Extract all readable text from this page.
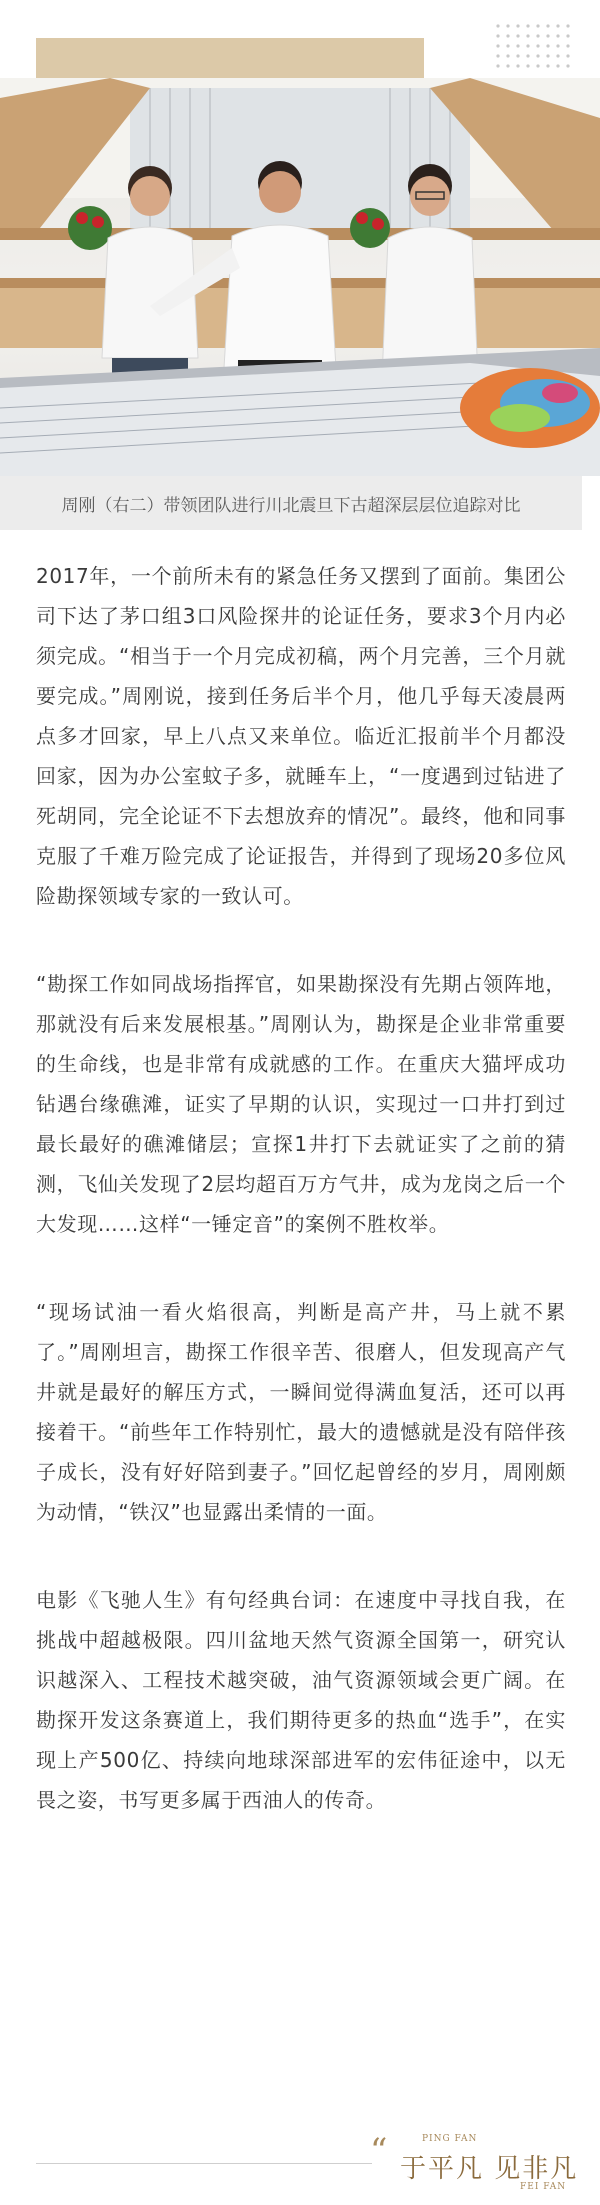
周刚（右二）带领团队进行川北震旦下古超深层层位追踪对比

2017年，一个前所未有的紧急任务又摆到了面前。集团公司下达了茅口组3口风险探井的论证任务，要求3个月内必须完成。“相当于一个月完成初稿，两个月完善，三个月就要完成。”周刚说，接到任务后半个月，他几乎每天凌晨两点多才回家，早上八点又来单位。临近汇报前半个月都没回家，因为办公室蚊子多，就睡车上，“一度遇到过钻进了死胡同，完全论证不下去想放弃的情况”。最终，他和同事克服了千难万险完成了论证报告，并得到了现场20多位风险勘探领域专家的一致认可。

“勘探工作如同战场指挥官，如果勘探没有先期占领阵地，那就没有后来发展根基。”周刚认为，勘探是企业非常重要的生命线，也是非常有成就感的工作。在重庆大猫坪成功钻遇台缘礁滩，证实了早期的认识，实现过一口井打到过最长最好的礁滩储层；宣探1井打下去就证实了之前的猜测，飞仙关发现了2层均超百万方气井，成为龙岗之后一个大发现……这样“一锤定音”的案例不胜枚举。

“现场试油一看火焰很高，判断是高产井，马上就不累了。”周刚坦言，勘探工作很辛苦、很磨人，但发现高产气井就是最好的解压方式，一瞬间觉得满血复活，还可以再接着干。“前些年工作特别忙，最大的遗憾就是没有陪伴孩子成长，没有好好陪到妻子。”回忆起曾经的岁月，周刚颇为动情，“铁汉”也显露出柔情的一面。

电影《飞驰人生》有句经典台词：在速度中寻找自我，在挑战中超越极限。四川盆地天然气资源全国第一，研究认识越深入、工程技术越突破，油气资源领域会更广阔。在勘探开发这条赛道上，我们期待更多的热血“选手”，在实现上产500亿、持续向地球深部进军的宏伟征途中，以无畏之姿，书写更多属于西油人的传奇。

“	PING FAN
于平凡 见非凡
FEI FAN
